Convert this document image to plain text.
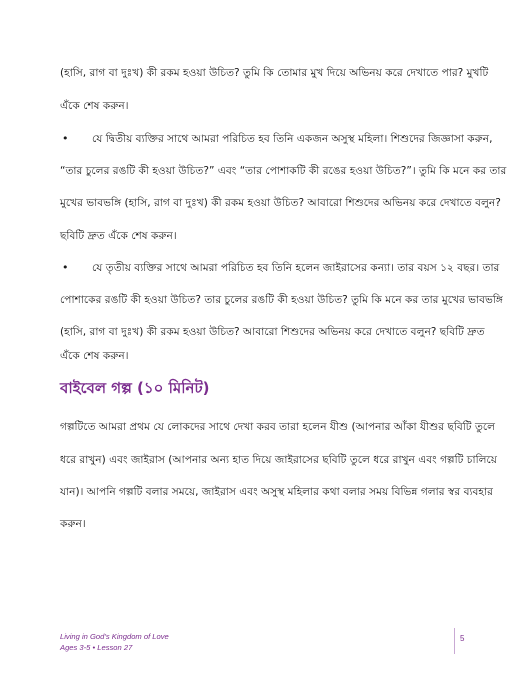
(হাসি, রাগ বা দুঃখ) কী রকম হওয়া উচিত? তুমি কি তোমার মুখ দিয়ে অভিনয় করে দেখাতে পার? মুখটি
এঁকে শেষ করুন।
• যে দ্বিতীয় ব্যক্তির সাথে আমরা পরিচিত হব তিনি একজন অসুস্থ মহিলা। শিশুদের জিজ্ঞাসা করুন,
“তার চুলের রঙটি কী হওয়া উচিত?” এবং “তার পোশাকটি কী রঙের হওয়া উচিত?”। তুমি কি মনে কর তার
মুখের ভাবভঙ্গি (হাসি, রাগ বা দুঃখ) কী রকম হওয়া উচিত? আবারো শিশুদের অভিনয় করে দেখাতে বলুন?
ছবিটি দ্রুত এঁকে শেষ করুন।
• যে তৃতীয় ব্যক্তির সাথে আমরা পরিচিত হব তিনি হলেন জাইরাসের কন্যা। তার বয়স ১২ বছর। তার
পোশাকের রঙটি কী হওয়া উচিত? তার চুলের রঙটি কী হওয়া উচিত? তুমি কি মনে কর তার মুখের ভাবভঙ্গি
(হাসি, রাগ বা দুঃখ) কী রকম হওয়া উচিত? আবারো শিশুদের অভিনয় করে দেখাতে বলুন? ছবিটি দ্রুত
এঁকে শেষ করুন।
বাইবেল গল্প (১০ মিনিট)
গল্পটিতে আমরা প্রথম যে লোকদের সাথে দেখা করব তারা হলেন যীশু (আপনার আঁকা যীশুর ছবিটি তুলে
ধরে রাখুন) এবং জাইরাস (আপনার অন্য হাত দিয়ে জাইরাসের ছবিটি তুলে ধরে রাখুন এবং গল্পটি চালিয়ে
যান)। আপনি গল্পটি বলার সময়ে, জাইরাস এবং অসুস্থ মহিলার কথা বলার সময় বিভিন্ন গলার স্বর ব্যবহার
করুন।
Living in God’s Kingdom of Love
Ages 3-5 • Lesson 27
5
